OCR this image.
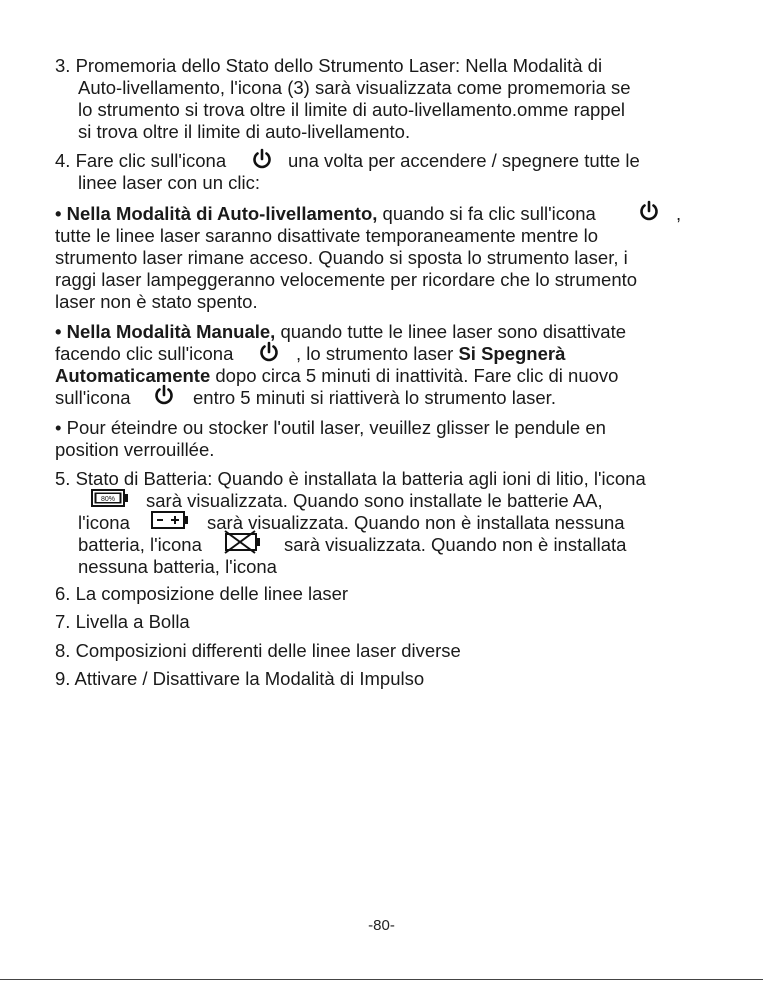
3. Promemoria dello Stato dello Strumento Laser: Nella Modalità di
Auto-livellamento, l'icona (3) sarà visualizzata come promemoria se
lo strumento si trova oltre il limite di auto-livellamento.omme rappel
si trova oltre il limite di auto-livellamento.
4. Fare clic sull'icona	una volta per accendere / spegnere tutte le
linee laser con un clic:
• Nella Modalità di Auto-livellamento, quando si fa clic sull'icona	,
tutte le linee laser saranno disattivate temporaneamente mentre lo
strumento laser rimane acceso. Quando si sposta lo strumento laser, i
raggi laser lampeggeranno velocemente per ricordare che lo strumento
laser non è stato spento.
• Nella Modalità Manuale, quando tutte le linee laser sono disattivate
facendo clic sull'icona	, lo strumento laser Si Spegnerà
Automaticamente dopo circa 5 minuti di inattività. Fare clic di nuovo
sull'icona	entro 5 minuti si riattiverà lo strumento laser.
• Pour éteindre ou stocker l'outil laser, veuillez glisser le pendule en
position verrouillée.
5. Stato di Batteria: Quando è installata la batteria agli ioni di litio, l'icona
80% sarà visualizzata. Quando sono installate le batterie AA,
l'icona	sarà visualizzata. Quando non è installata nessuna
batteria, l'icona	sarà visualizzata. Quando non è installata
nessuna batteria, l'icona
6. La composizione delle linee laser
7. Livella a Bolla
8. Composizioni differenti delle linee laser diverse
9. Attivare / Disattivare la Modalità di Impulso
-80-
